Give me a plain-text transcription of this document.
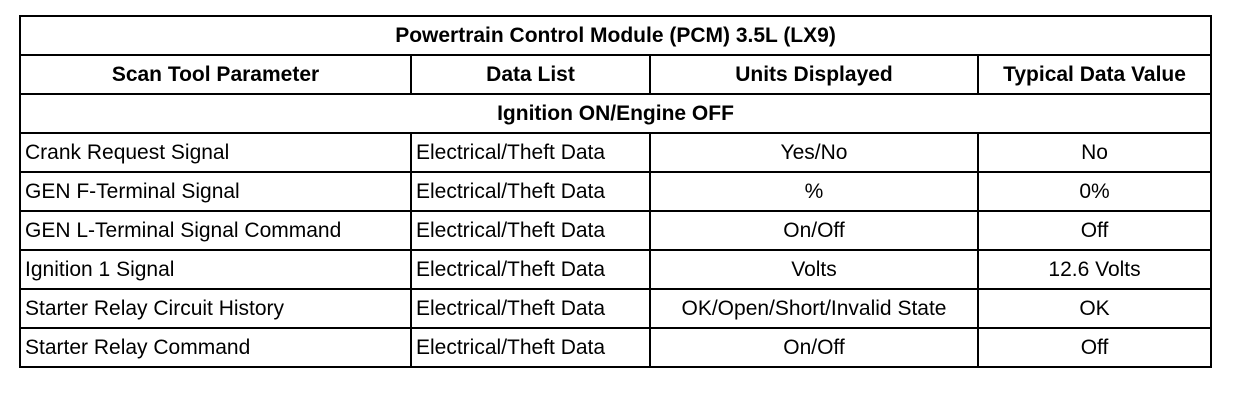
Powertrain Control Module (PCM) 3.5L (LX9)			
Scan Tool Parameter	Data List	Units Displayed	Typical Data Value
Ignition ON/Engine OFF			
Crank Request Signal	Electrical/Theft Data	Yes/No	No
GEN F-Terminal Signal	Electrical/Theft Data	%	0%
GEN L-Terminal Signal Command	Electrical/Theft Data	On/Off	Off
Ignition 1 Signal	Electrical/Theft Data	Volts	12.6 Volts
Starter Relay Circuit History	Electrical/Theft Data	OK/Open/Short/Invalid State	OK
Starter Relay Command	Electrical/Theft Data	On/Off	Off
